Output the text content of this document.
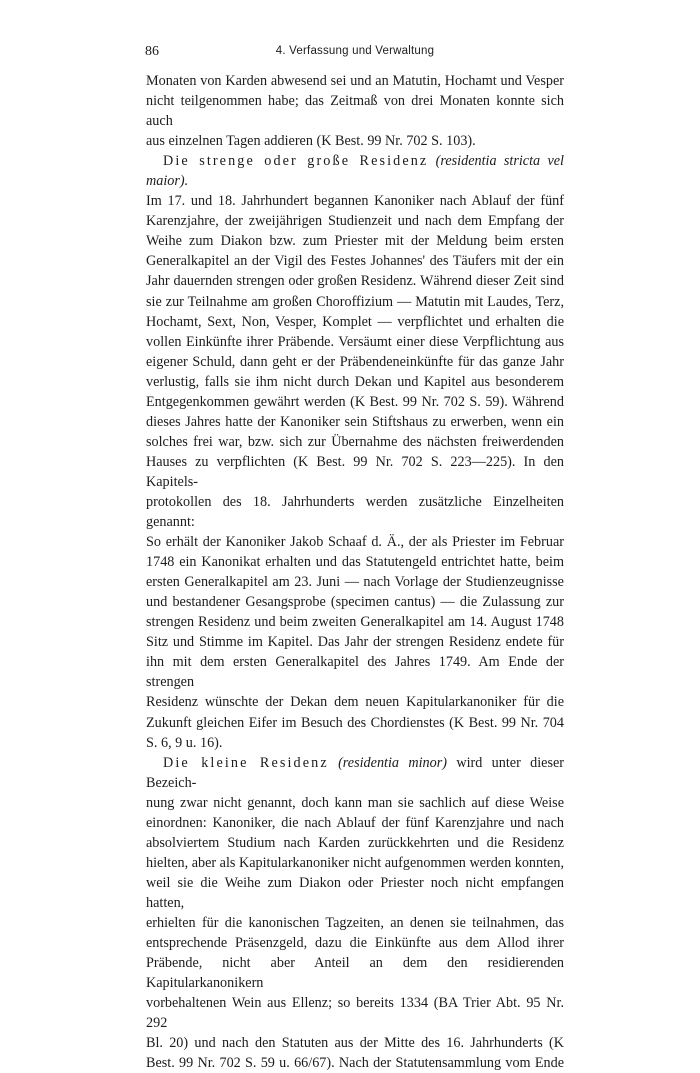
86	4. Verfassung und Verwaltung

Monaten von Karden abwesend sei und an Matutin, Hochamt und Vesper

nicht teilgenommen habe; das Zeitmaß von drei Monaten konnte sich auch

aus einzelnen Tagen addieren (K Best. 99 Nr. 702 S. 103).

Die strenge oder große Residenz (residentia stricta vel maior).

Im 17. und 18. Jahrhundert begannen Kanoniker nach Ablauf der fünf

Karenzjahre, der zweijährigen Studienzeit und nach dem Empfang der

Weihe zum Diakon bzw. zum Priester mit der Meldung beim ersten

Generalkapitel an der Vigil des Festes Johannes' des Täufers mit der ein

Jahr dauernden strengen oder großen Residenz. Während dieser Zeit sind

sie zur Teilnahme am großen Choroffizium — Matutin mit Laudes, Terz,

Hochamt, Sext, Non, Vesper, Komplet — verpflichtet und erhalten die

vollen Einkünfte ihrer Präbende. Versäumt einer diese Verpflichtung aus

eigener Schuld, dann geht er der Präbendeneinkünfte für das ganze Jahr

verlustig, falls sie ihm nicht durch Dekan und Kapitel aus besonderem

Entgegenkommen gewährt werden (K Best. 99 Nr. 702 S. 59). Während

dieses Jahres hatte der Kanoniker sein Stiftshaus zu erwerben, wenn ein

solches frei war, bzw. sich zur Übernahme des nächsten freiwerdenden

Hauses zu verpflichten (K Best. 99 Nr. 702 S. 223—225). In den Kapitels-

protokollen des 18. Jahrhunderts werden zusätzliche Einzelheiten genannt:

So erhält der Kanoniker Jakob Schaaf d. Ä., der als Priester im Februar

1748 ein Kanonikat erhalten und das Statutengeld entrichtet hatte, beim

ersten Generalkapitel am 23. Juni — nach Vorlage der Studienzeugnisse

und bestandener Gesangsprobe (specimen cantus) — die Zulassung zur

strengen Residenz und beim zweiten Generalkapitel am 14. August 1748

Sitz und Stimme im Kapitel. Das Jahr der strengen Residenz endete für

ihn mit dem ersten Generalkapitel des Jahres 1749. Am Ende der strengen

Residenz wünschte der Dekan dem neuen Kapitularkanoniker für die

Zukunft gleichen Eifer im Besuch des Chordienstes (K Best. 99 Nr. 704

S. 6, 9 u. 16).

Die kleine Residenz (residentia minor) wird unter dieser Bezeich-

nung zwar nicht genannt, doch kann man sie sachlich auf diese Weise

einordnen: Kanoniker, die nach Ablauf der fünf Karenzjahre und nach

absolviertem Studium nach Karden zurückkehrten und die Residenz

hielten, aber als Kapitularkanoniker nicht aufgenommen werden konnten,

weil sie die Weihe zum Diakon oder Priester noch nicht empfangen hatten,

erhielten für die kanonischen Tagzeiten, an denen sie teilnahmen, das

entsprechende Präsenzgeld, dazu die Einkünfte aus dem Allod ihrer

Präbende, nicht aber Anteil an dem den residierenden Kapitularkanonikern

vorbehaltenen Wein aus Ellenz; so bereits 1334 (BA Trier Abt. 95 Nr. 292

Bl. 20) und nach den Statuten aus der Mitte des 16. Jahrhunderts (K

Best. 99 Nr. 702 S. 59 u. 66/67). Nach der Statutensammlung vom Ende
